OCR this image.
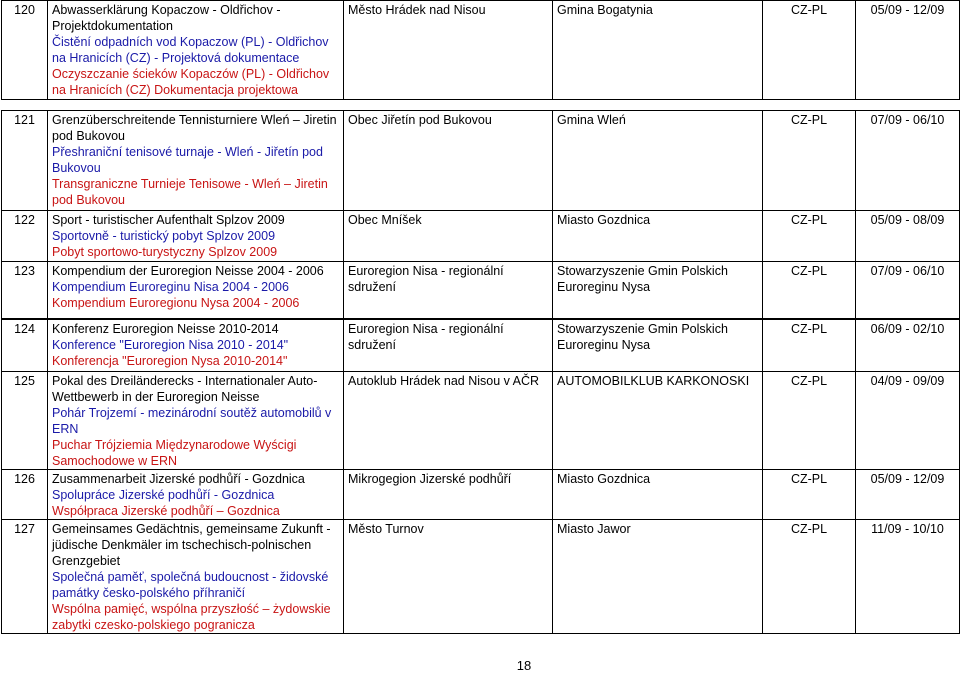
120	Abwasserklärung Kopaczow - Oldřichov - Projektdokumentation
Čistění odpadních vod Kopaczow (PL) - Oldřichov na Hranicích (CZ) - Projektová dokumentace
Oczyszczanie ścieków Kopaczów (PL) - Oldřichov na Hranicích (CZ) Dokumentacja projektowa
	Město Hrádek nad Nisou	Gmina Bogatynia	CZ-PL	05/09 - 12/09
121	Grenzüberschreitende Tennisturniere Wleń – Jiretin pod Bukovou
Přeshraniční tenisové turnaje - Wleń - Jiřetín pod Bukovou
Transgraniczne Turnieje Tenisowe - Wleń – Jiretin pod Bukovou	Obec Jiřetín pod Bukovou	Gmina Wleń	CZ-PL	07/09 - 06/10
122	Sport - turistischer Aufenthalt Splzov 2009
Sportovně - turistický pobyt Splzov 2009
Pobyt sportowo-turystyczny Splzov 2009	Obec Mníšek	Miasto Gozdnica	CZ-PL	05/09 - 08/09
123	Kompendium der Euroregion Neisse 2004 - 2006
Kompendium Euroreginu Nisa 2004 - 2006
Kompendium Euroregionu Nysa 2004 - 2006	Euroregion Nisa - regionální sdružení	Stowarzyszenie Gmin Polskich Euroreginu Nysa	CZ-PL	07/09 - 06/10
124	Konferenz Euroregion Neisse 2010-2014
Konference "Euroregion Nisa 2010 - 2014"
Konferencja "Euroregion Nysa 2010-2014"	Euroregion Nisa - regionální sdružení	Stowarzyszenie Gmin Polskich Euroreginu Nysa	CZ-PL	06/09 - 02/10
125	Pokal des Dreiländerecks - Internationaler Auto-Wettbewerb in der Euroregion Neisse
Pohár Trojzemí - mezinárodní soutěž automobilů v ERN
Puchar Trójziemia Międzynarodowe Wyścigi Samochodowe w ERN	Autoklub Hrádek nad Nisou v AČR	AUTOMOBILKLUB KARKONOSKI	CZ-PL	04/09 - 09/09
126	Zusammenarbeit Jizerské podhůří - Gozdnica
Spolupráce Jizerské podhůří - Gozdnica
Współpraca Jizerské podhůří – Gozdnica	Mikrogegion Jizerské podhůří	Miasto Gozdnica	CZ-PL	05/09 - 12/09
127	Gemeinsames Gedächtnis, gemeinsame Zukunft - jüdische Denkmäler im tschechisch-polnischen Grenzgebiet
Společná paměť, společná budoucnost - židovské památky česko-polského příhraničí
Wspólna pamięć, wspólna przyszłość – żydowskie zabytki czesko-polskiego pogranicza	Město Turnov	Miasto Jawor	CZ-PL	11/09 - 10/10
18
